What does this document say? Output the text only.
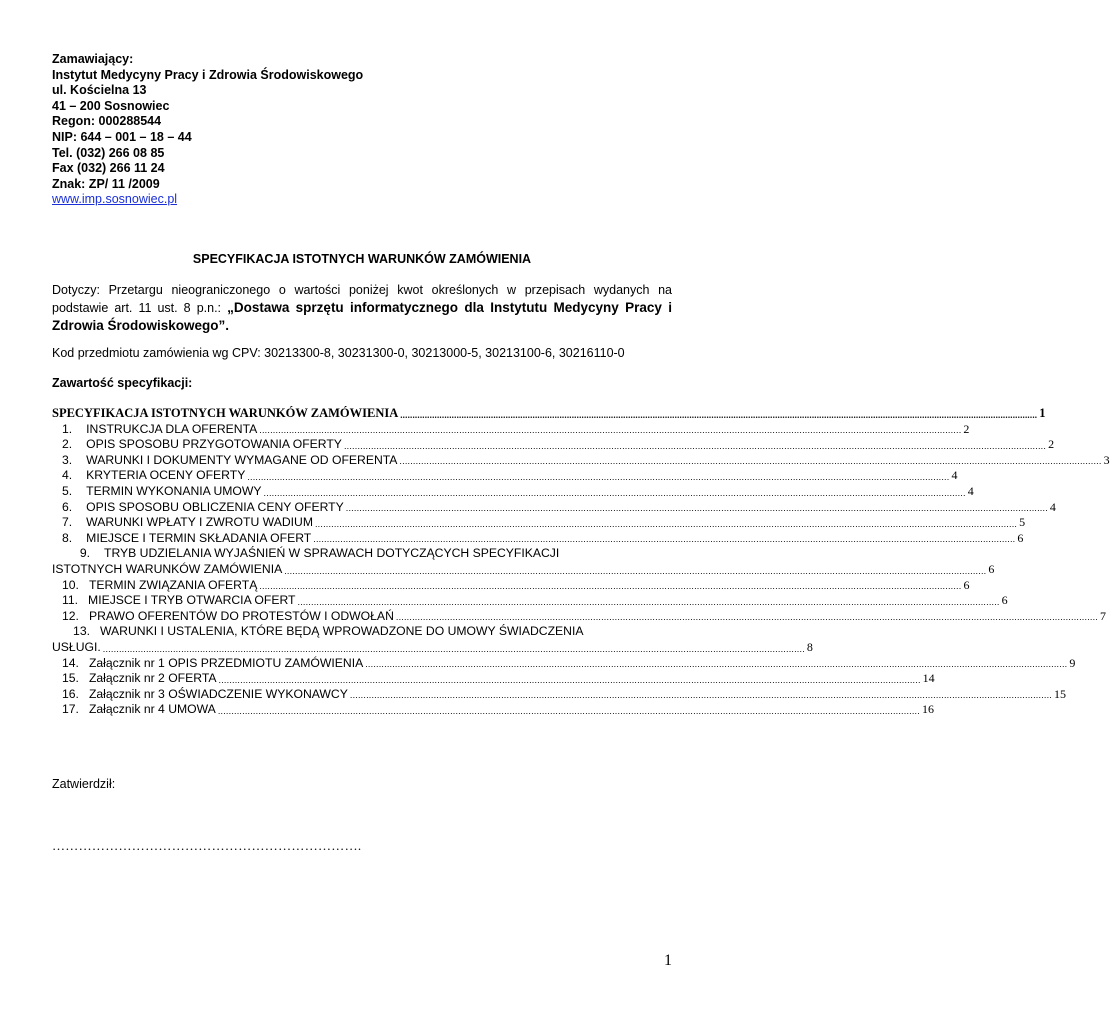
Zamawiający:
Instytut Medycyny Pracy i Zdrowia Środowiskowego
ul. Kościelna 13
41 – 200 Sosnowiec
Regon: 000288544
NIP: 644 – 001 – 18 – 44
Tel. (032) 266 08 85
Fax (032) 266 11 24
Znak: ZP/ 11 /2009
www.imp.sosnowiec.pl
SPECYFIKACJA ISTOTNYCH WARUNKÓW ZAMÓWIENIA
Dotyczy: Przetargu nieograniczonego o wartości poniżej kwot określonych w przepisach wydanych na
podstawie art. 11 ust. 8 p.n.: „Dostawa sprzętu informatycznego dla Instytutu Medycyny Pracy i
Zdrowia Środowiskowego”.
Kod przedmiotu zamówienia wg CPV: 30213300-8, 30231300-0, 30213000-5, 30213100-6, 30216110-0
Zawartość specyfikacji:
SPECYFIKACJA ISTOTNYCH WARUNKÓW ZAMÓWIENIA .................................................................................................................................................................................................................................................................... 1
1. INSTRUKCJA DLA OFERENTA .................................................................................................................................................................................................................................................................... 2
2. OPIS SPOSOBU PRZYGOTOWANIA OFERTY .................................................................................................................................................................................................................................................................... 2
3. WARUNKI I DOKUMENTY WYMAGANE OD OFERENTA .................................................................................................................................................................................................................................................................... 3
4. KRYTERIA OCENY OFERTY .................................................................................................................................................................................................................................................................... 4
5. TERMIN WYKONANIA UMOWY .................................................................................................................................................................................................................................................................... 4
6. OPIS SPOSOBU OBLICZENIA CENY OFERTY .................................................................................................................................................................................................................................................................... 4
7. WARUNKI WPŁATY I ZWROTU WADIUM .................................................................................................................................................................................................................................................................... 5
8. MIEJSCE I TERMIN SKŁADANIA OFERT .................................................................................................................................................................................................................................................................... 6
9. TRYB UDZIELANIA WYJAŚNIEŃ W SPRAWACH DOTYCZĄCYCH SPECYFIKACJI
ISTOTNYCH WARUNKÓW ZAMÓWIENIA .................................................................................................................................................................................................................................................................... 6
10. TERMIN ZWIĄZANIA OFERTĄ .................................................................................................................................................................................................................................................................... 6
11. MIEJSCE I TRYB OTWARCIA OFERT .................................................................................................................................................................................................................................................................... 6
12. PRAWO OFERENTÓW DO PROTESTÓW I ODWOŁAŃ .................................................................................................................................................................................................................................................................... 7
13. WARUNKI I USTALENIA, KTÓRE BĘDĄ WPROWADZONE DO UMOWY ŚWIADCZENIA
USŁUGI. .................................................................................................................................................................................................................................................................... 8
14. Załącznik nr 1 OPIS PRZEDMIOTU ZAMÓWIENIA .................................................................................................................................................................................................................................................................... 9
15. Załącznik nr 2 OFERTA .................................................................................................................................................................................................................................................................... 14
16. Załącznik nr 3 OŚWIADCZENIE WYKONAWCY .................................................................................................................................................................................................................................................................... 15
17. Załącznik nr 4 UMOWA .................................................................................................................................................................................................................................................................... 16
Zatwierdził:
…………………………………………………………….
1
